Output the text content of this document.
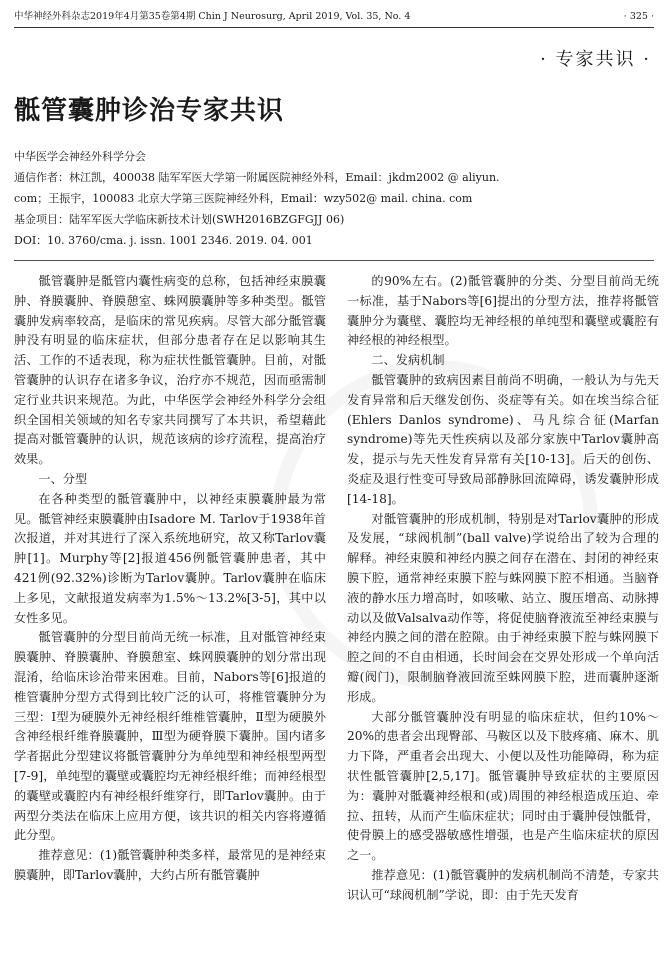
中华神经外科杂志2019年4月第35卷第4期 Chin J Neurosurg, April 2019, Vol. 35, No. 4	· 325 ·
· 专家共识 ·
骶管囊肿诊治专家共识
中华医学会神经外科学分会
通信作者：林江凯，400038 陆军军医大学第一附属医院神经外科，Email：jkdm2002 @ aliyun.
com；王振宇，100083 北京大学第三医院神经外科，Email：wzy502@ mail. china. com
基金项目：陆军军医大学临床新技术计划(SWH2016BZGFGJJ 06)
DOI：10. 3760/cma. j. issn. 1001 2346. 2019. 04. 001

骶管囊肿是骶管内囊性病变的总称，包括神经束膜囊肿、脊膜囊肿、脊膜憩室、蛛网膜囊肿等多种类型。骶管囊肿发病率较高，是临床的常见疾病。尽管大部分骶管囊肿没有明显的临床症状，但部分患者存在足以影响其生活、工作的不适表现，称为症状性骶管囊肿。目前，对骶管囊肿的认识存在诸多争议，治疗亦不规范，因而亟需制定行业共识来规范。为此，中华医学会神经外科学分会组织全国相关领域的知名专家共同撰写了本共识，希望藉此提高对骶管囊肿的认识，规范该病的诊疗流程，提高治疗效果。

一、分型

在各种类型的骶管囊肿中，以神经束膜囊肿最为常见。骶管神经束膜囊肿由Isadore M. Tarlov于1938年首次报道，并对其进行了深入系统地研究，故又称Tarlov囊肿[1]。Murphy等[2]报道456例骶管囊肿患者，其中421例(92.32%)诊断为Tarlov囊肿。Tarlov囊肿在临床上多见，文献报道发病率为1.5%～13.2%[3-5]，其中以女性多见。

骶管囊肿的分型目前尚无统一标准，且对骶管神经束膜囊肿、脊膜囊肿、脊膜憩室、蛛网膜囊肿的划分常出现混淆，给临床诊治带来困难。目前，Nabors等[6]报道的椎管囊肿分型方式得到比较广泛的认可，将椎管囊肿分为三型：Ⅰ型为硬膜外无神经根纤维椎管囊肿，Ⅱ型为硬膜外含神经根纤维脊膜囊肿，Ⅲ型为硬脊膜下囊肿。国内诸多学者据此分型建议将骶管囊肿分为单纯型和神经根型两型[7-9]，单纯型的囊壁或囊腔均无神经根纤维；而神经根型的囊壁或囊腔内有神经根纤维穿行，即Tarlov囊肿。由于两型分类法在临床上应用方便，该共识的相关内容将遵循此分型。

推荐意见：(1)骶管囊肿种类多样，最常见的是神经束膜囊肿，即Tarlov囊肿，大约占所有骶管囊肿

的90%左右。(2)骶管囊肿的分类、分型目前尚无统一标准，基于Nabors等[6]提出的分型方法，推荐将骶管囊肿分为囊壁、囊腔均无神经根的单纯型和囊壁或囊腔有神经根的神经根型。

二、发病机制

骶管囊肿的致病因素目前尚不明确，一般认为与先天发育异常和后天继发创伤、炎症等有关。如在埃当综合征(Ehlers Danlos syndrome)、马凡综合征(Marfan syndrome)等先天性疾病以及部分家族中Tarlov囊肿高发，提示与先天性发育异常有关[10-13]。后天的创伤、炎症及退行性变可导致局部静脉回流障碍，诱发囊肿形成[14-18]。

对骶管囊肿的形成机制，特别是对Tarlov囊肿的形成及发展，“球阀机制”(ball valve)学说给出了较为合理的解释。神经束膜和神经内膜之间存在潜在、封闭的神经束膜下腔，通常神经束膜下腔与蛛网膜下腔不相通。当脑脊液的静水压力增高时，如咳嗽、站立、腹压增高、动脉搏动以及做Valsalva动作等，将促使脑脊液流至神经束膜与神经内膜之间的潜在腔隙。由于神经束膜下腔与蛛网膜下腔之间的不自由相通，长时间会在交界处形成一个单向活瓣(阀门)，限制脑脊液回流至蛛网膜下腔，进而囊肿逐渐形成。

大部分骶管囊肿没有明显的临床症状，但约10%～20%的患者会出现臀部、马鞍区以及下肢疼痛、麻木、肌力下降，严重者会出现大、小便以及性功能障碍，称为症状性骶管囊肿[2,5,17]。骶管囊肿导致症状的主要原因为：囊肿对骶囊神经根和(或)周围的神经根造成压迫、牵拉、扭转，从而产生临床症状；同时由于囊肿侵蚀骶骨，使骨膜上的感受器敏感性增强，也是产生临床症状的原因之一。

推荐意见：(1)骶管囊肿的发病机制尚不清楚，专家共识认可“球阀机制”学说，即：由于先天发育
